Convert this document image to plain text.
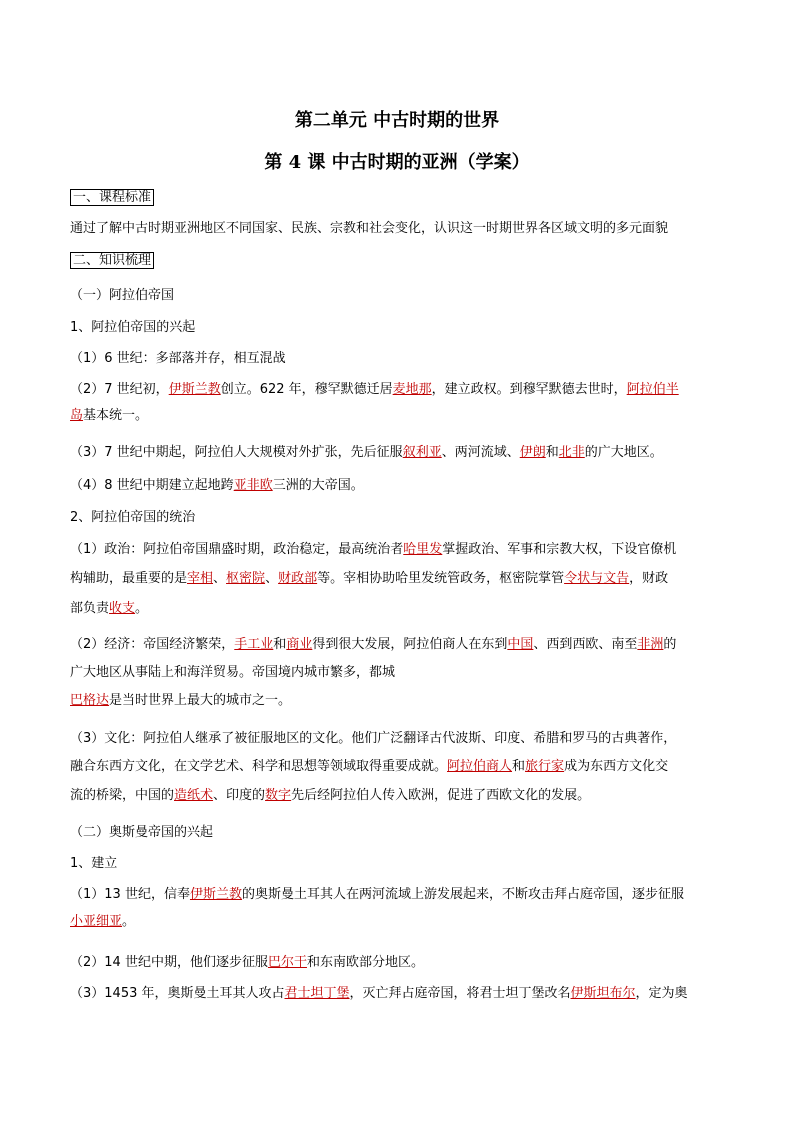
第二单元 中古时期的世界
第 4 课 中古时期的亚洲（学案）
一、课程标准
通过了解中古时期亚洲地区不同国家、民族、宗教和社会变化，认识这一时期世界各区域文明的多元面貌
二、知识梳理
（一）阿拉伯帝国
1、阿拉伯帝国的兴起
（1）6 世纪：多部落并存，相互混战
（2）7 世纪初，伊斯兰教创立。622 年，穆罕默德迁居麦地那，建立政权。到穆罕默德去世时，阿拉伯半
岛基本统一。
（3）7 世纪中期起，阿拉伯人大规模对外扩张，先后征服叙利亚、两河流域、伊朗和北非的广大地区。
（4）8 世纪中期建立起地跨亚非欧三洲的大帝国。
2、阿拉伯帝国的统治
（1）政治：阿拉伯帝国鼎盛时期，政治稳定，最高统治者哈里发掌握政治、军事和宗教大权，下设官僚机
构辅助，最重要的是宰相、枢密院、财政部等。宰相协助哈里发统管政务，枢密院掌管令状与文告，财政
部负责收支。
（2）经济：帝国经济繁荣，手工业和商业得到很大发展，阿拉伯商人在东到中国、西到西欧、南至非洲的
广大地区从事陆上和海洋贸易。帝国境内城市繁多，都城
巴格达是当时世界上最大的城市之一。
（3）文化：阿拉伯人继承了被征服地区的文化。他们广泛翻译古代波斯、印度、希腊和罗马的古典著作，
融合东西方文化，在文学艺术、科学和思想等领域取得重要成就。阿拉伯商人和旅行家成为东西方文化交
流的桥梁，中国的造纸术、印度的数字先后经阿拉伯人传入欧洲，促进了西欧文化的发展。
（二）奥斯曼帝国的兴起
1、建立
（1）13 世纪，信奉伊斯兰教的奥斯曼土耳其人在两河流域上游发展起来，不断攻击拜占庭帝国，逐步征服
小亚细亚。
（2）14 世纪中期，他们逐步征服巴尔干和东南欧部分地区。
（3）1453 年，奥斯曼土耳其人攻占君士坦丁堡，灭亡拜占庭帝国，将君士坦丁堡改名伊斯坦布尔，定为奥
